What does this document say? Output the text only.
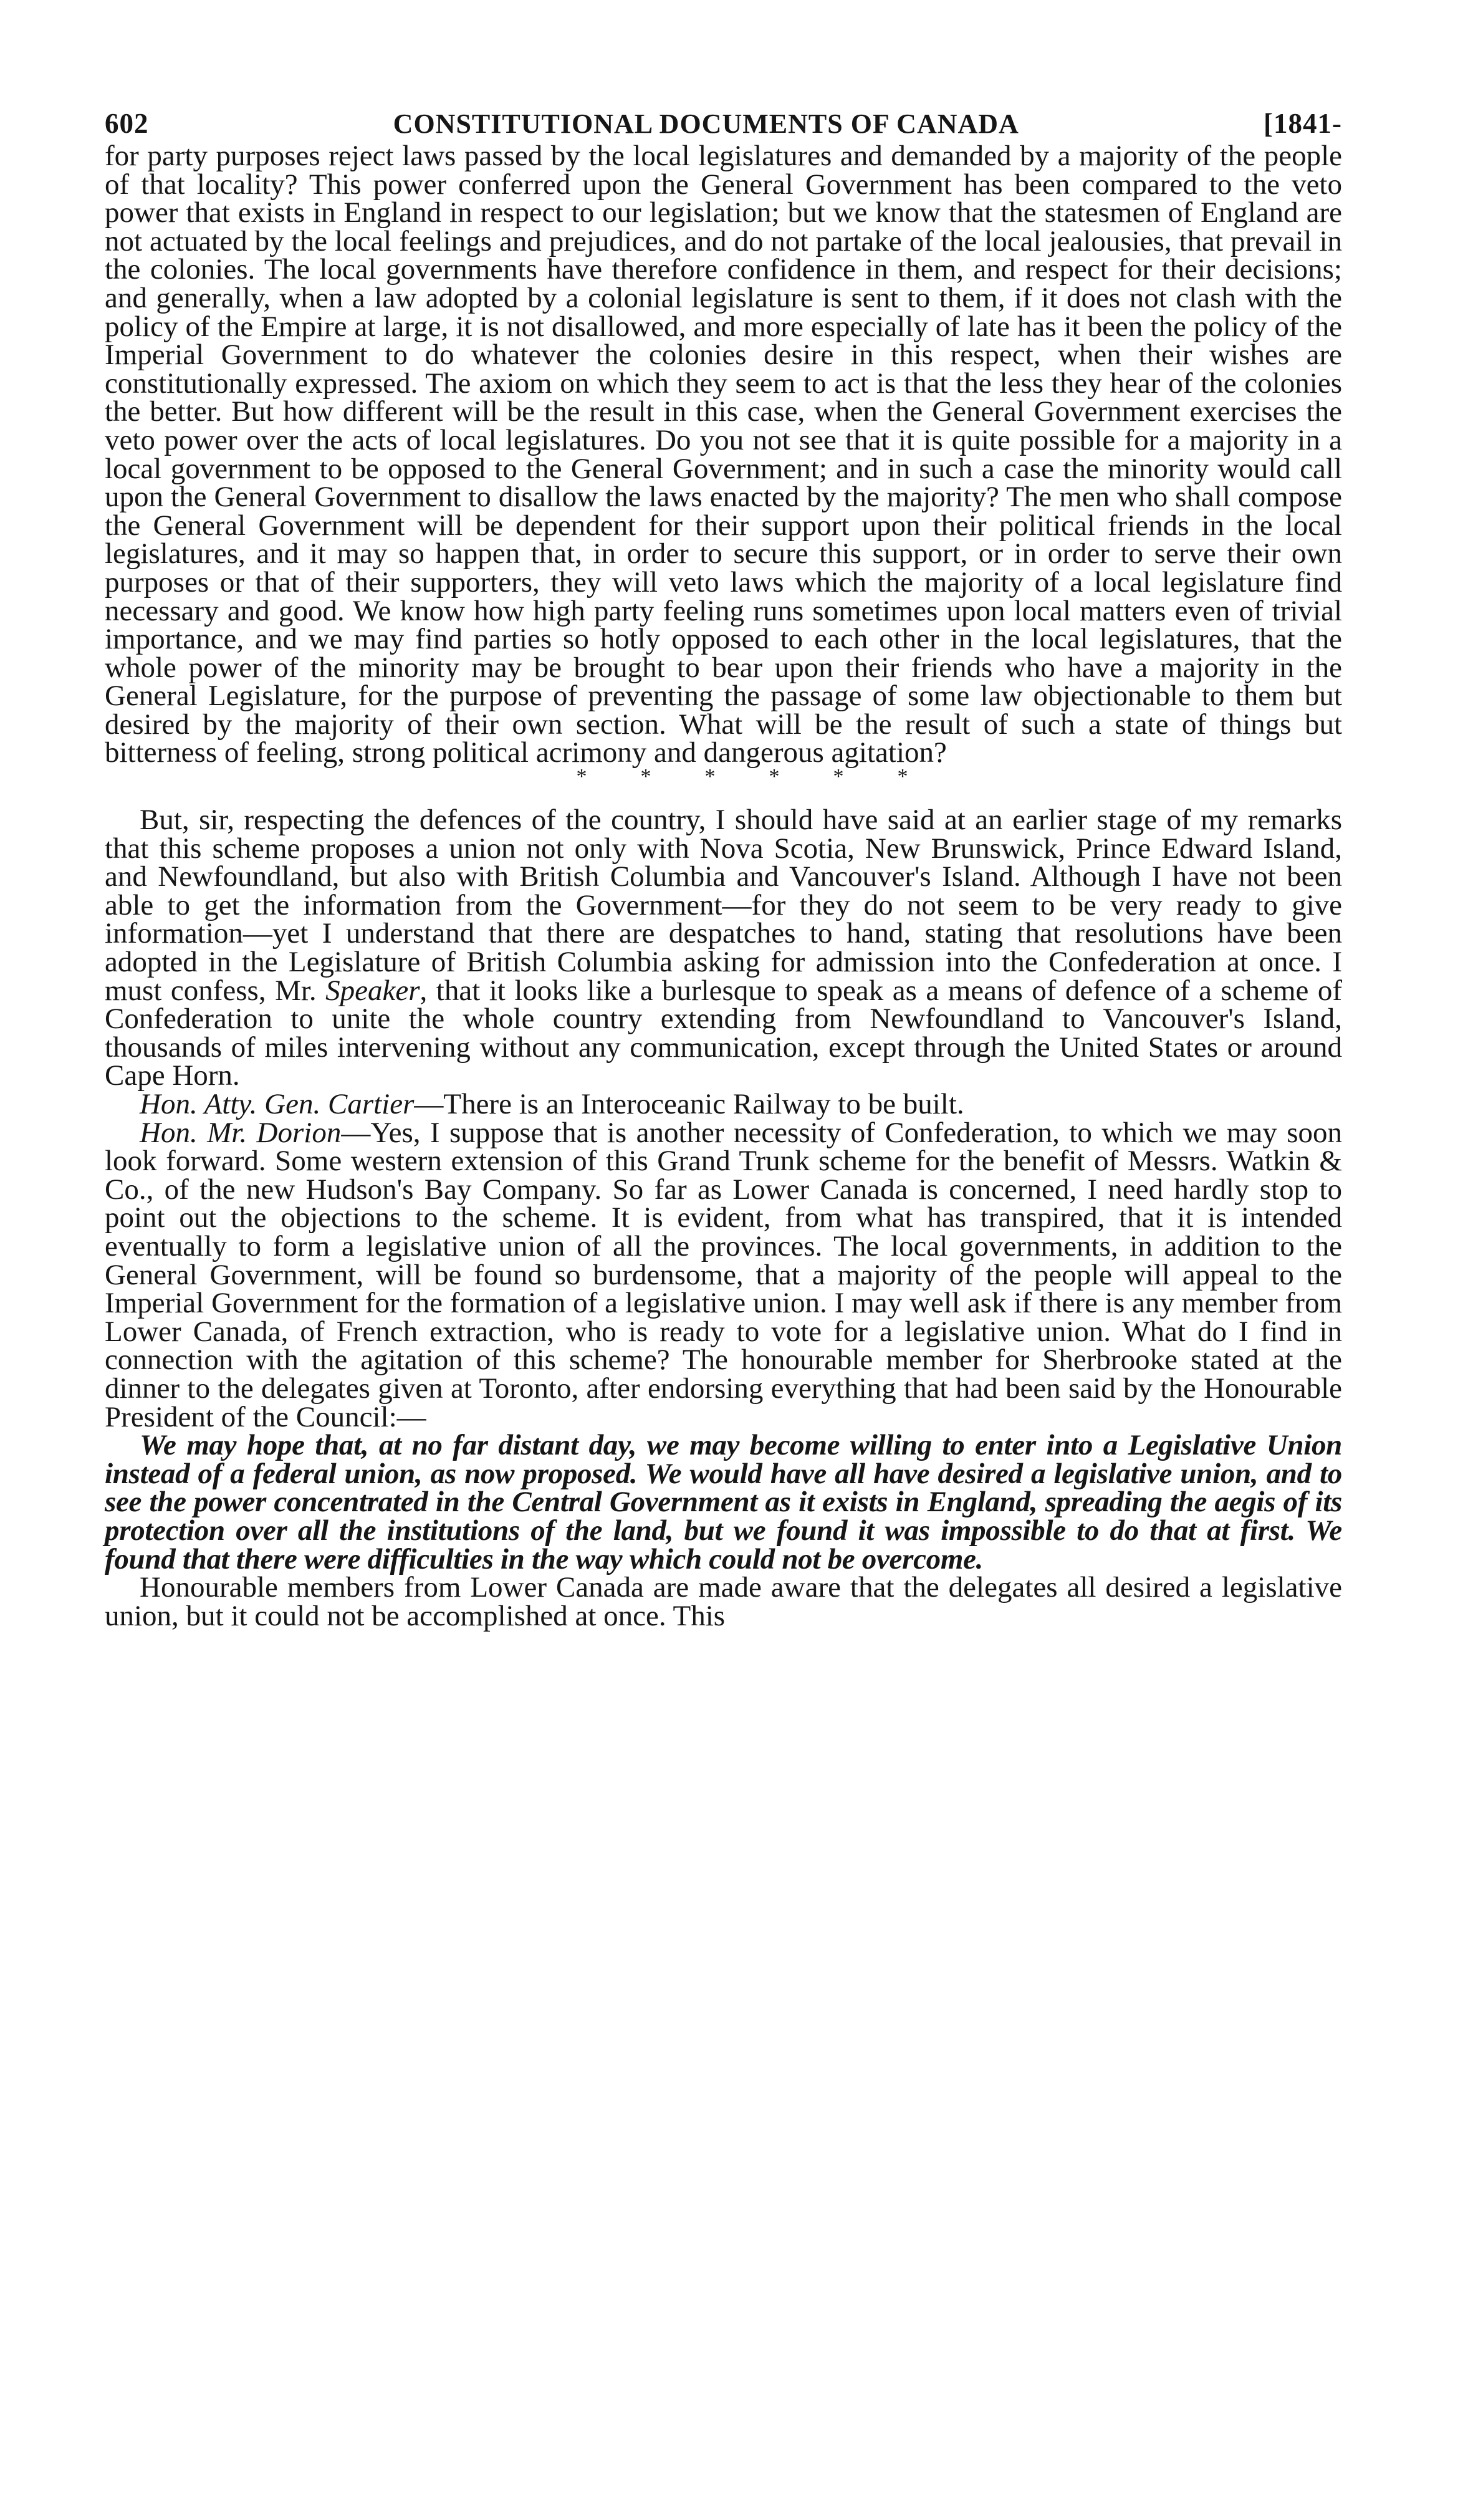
602	CONSTITUTIONAL DOCUMENTS OF CANADA	[1841-

for party purposes reject laws passed by the local legislatures and demanded by a majority of the people of that locality? This power conferred upon the General Government has been compared to the veto power that exists in England in respect to our legislation; but we know that the statesmen of England are not actuated by the local feelings and prejudices, and do not partake of the local jealousies, that prevail in the colonies. The local governments have therefore confidence in them, and respect for their decisions; and generally, when a law adopted by a colonial legislature is sent to them, if it does not clash with the policy of the Empire at large, it is not disallowed, and more especially of late has it been the policy of the Imperial Government to do whatever the colonies desire in this respect, when their wishes are constitutionally expressed. The axiom on which they seem to act is that the less they hear of the colonies the better. But how different will be the result in this case, when the General Government exercises the veto power over the acts of local legislatures. Do you not see that it is quite possible for a majority in a local government to be opposed to the General Government; and in such a case the minority would call upon the General Government to disallow the laws enacted by the majority? The men who shall compose the General Government will be dependent for their support upon their political friends in the local legislatures, and it may so happen that, in order to secure this support, or in order to serve their own purposes or that of their supporters, they will veto laws which the majority of a local legislature find necessary and good. We know how high party feeling runs sometimes upon local matters even of trivial importance, and we may find parties so hotly opposed to each other in the local legislatures, that the whole power of the minority may be brought to bear upon their friends who have a majority in the General Legislature, for the purpose of preventing the passage of some law objectionable to them but desired by the majority of their own section. What will be the result of such a state of things but bitterness of feeling, strong political acrimony and dangerous agitation?

*	*	*	*	*	*

But, sir, respecting the defences of the country, I should have said at an earlier stage of my remarks that this scheme proposes a union not only with Nova Scotia, New Brunswick, Prince Edward Island, and Newfoundland, but also with British Columbia and Vancouver's Island. Although I have not been able to get the information from the Government—for they do not seem to be very ready to give information—yet I understand that there are despatches to hand, stating that resolutions have been adopted in the Legislature of British Columbia asking for admission into the Confederation at once. I must confess, Mr. Speaker, that it looks like a burlesque to speak as a means of defence of a scheme of Confederation to unite the whole country extending from Newfoundland to Vancouver's Island, thousands of miles intervening without any communication, except through the United States or around Cape Horn.

Hon. Atty. Gen. Cartier—There is an Interoceanic Railway to be built.

Hon. Mr. Dorion—Yes, I suppose that is another necessity of Confederation, to which we may soon look forward. Some western extension of this Grand Trunk scheme for the benefit of Messrs. Watkin & Co., of the new Hudson's Bay Company. So far as Lower Canada is concerned, I need hardly stop to point out the objections to the scheme. It is evident, from what has transpired, that it is intended eventually to form a legislative union of all the provinces. The local governments, in addition to the General Government, will be found so burdensome, that a majority of the people will appeal to the Imperial Government for the formation of a legislative union. I may well ask if there is any member from Lower Canada, of French extraction, who is ready to vote for a legislative union. What do I find in connection with the agitation of this scheme? The honourable member for Sherbrooke stated at the dinner to the delegates given at Toronto, after endorsing everything that had been said by the Honourable President of the Council:—

We may hope that, at no far distant day, we may become willing to enter into a Legislative Union instead of a federal union, as now proposed. We would have all have desired a legislative union, and to see the power concentrated in the Central Government as it exists in England, spreading the aegis of its protection over all the institutions of the land, but we found it was impossible to do that at first. We found that there were difficulties in the way which could not be overcome.

Honourable members from Lower Canada are made aware that the delegates all desired a legislative union, but it could not be accomplished at once. This
